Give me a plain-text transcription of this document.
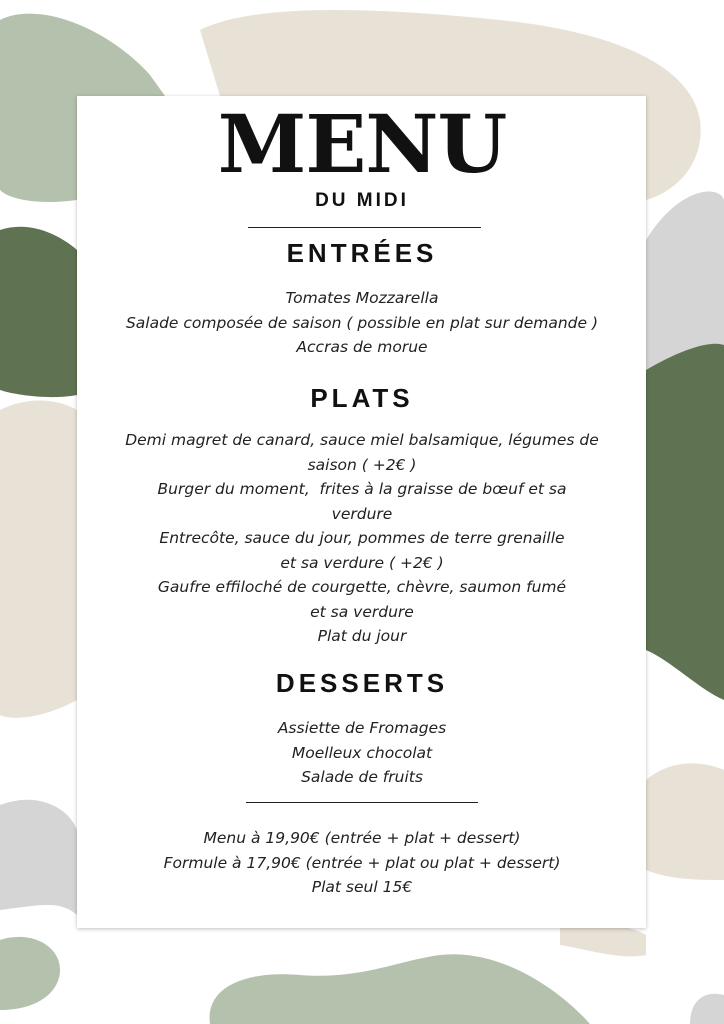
MENU
DU MIDI
ENTRÉES
Tomates Mozzarella
Salade composée de saison ( possible en plat sur demande )
Accras de morue
PLATS
Demi magret de canard, sauce miel balsamique, légumes de
saison ( +2€ )
Burger du moment,  frites à la graisse de bœuf et sa
verdure
Entrecôte, sauce du jour, pommes de terre grenaille
et sa verdure ( +2€ )
Gaufre effiloché de courgette, chèvre, saumon fumé
et sa verdure
Plat du jour
DESSERTS
Assiette de Fromages
Moelleux chocolat
Salade de fruits
Menu à 19,90€ (entrée + plat + dessert)
Formule à 17,90€ (entrée + plat ou plat + dessert)
Plat seul 15€
